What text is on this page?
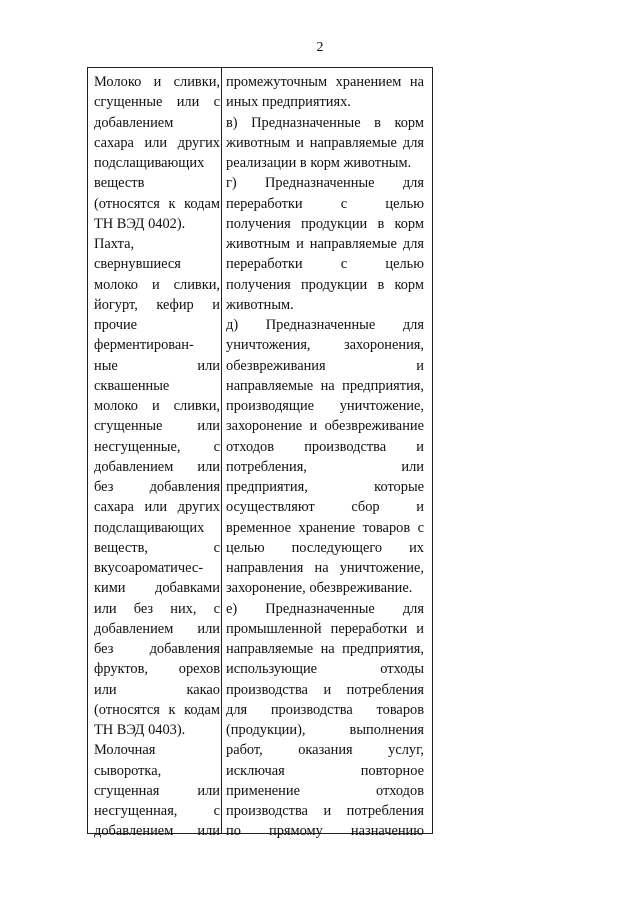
2
Молоко и сливки,
сгущенные или с
добавлением
сахара или других
подслащивающих
веществ
(относятся к кодам
ТН ВЭД 0402).
Пахта,
свернувшиеся
молоко и сливки,
йогурт, кефир и
прочие
ферментирован-
ные или
сквашенные
молоко и сливки,
сгущенные или
несгущенные, с
добавлением или
без добавления
сахара или других
подслащивающих
веществ, с
вкусоароматичес-
кими добавками
или без них, с
добавлением или
без добавления
фруктов, орехов
или какао
(относятся к кодам
ТН ВЭД 0403).
Молочная
сыворотка,
сгущенная или
несгущенная, с
добавлением или
промежуточным хранением на
иных предприятиях.
в) Предназначенные в корм
животным и направляемые для
реализации в корм животным.
г) Предназначенные для
переработки с целью
получения продукции в корм
животным и направляемые для
переработки с целью
получения продукции в корм
животным.
д) Предназначенные для
уничтожения, захоронения,
обезвреживания и
направляемые на предприятия,
производящие уничтожение,
захоронение и обезвреживание
отходов производства и
потребления, или
предприятия, которые
осуществляют сбор и
временное хранение товаров с
целью последующего их
направления на уничтожение,
захоронение, обезвреживание.
е) Предназначенные для
промышленной переработки и
направляемые на предприятия,
использующие отходы
производства и потребления
для производства товаров
(продукции), выполнения
работ, оказания услуг,
исключая повторное
применение отходов
производства и потребления
по прямому назначению
